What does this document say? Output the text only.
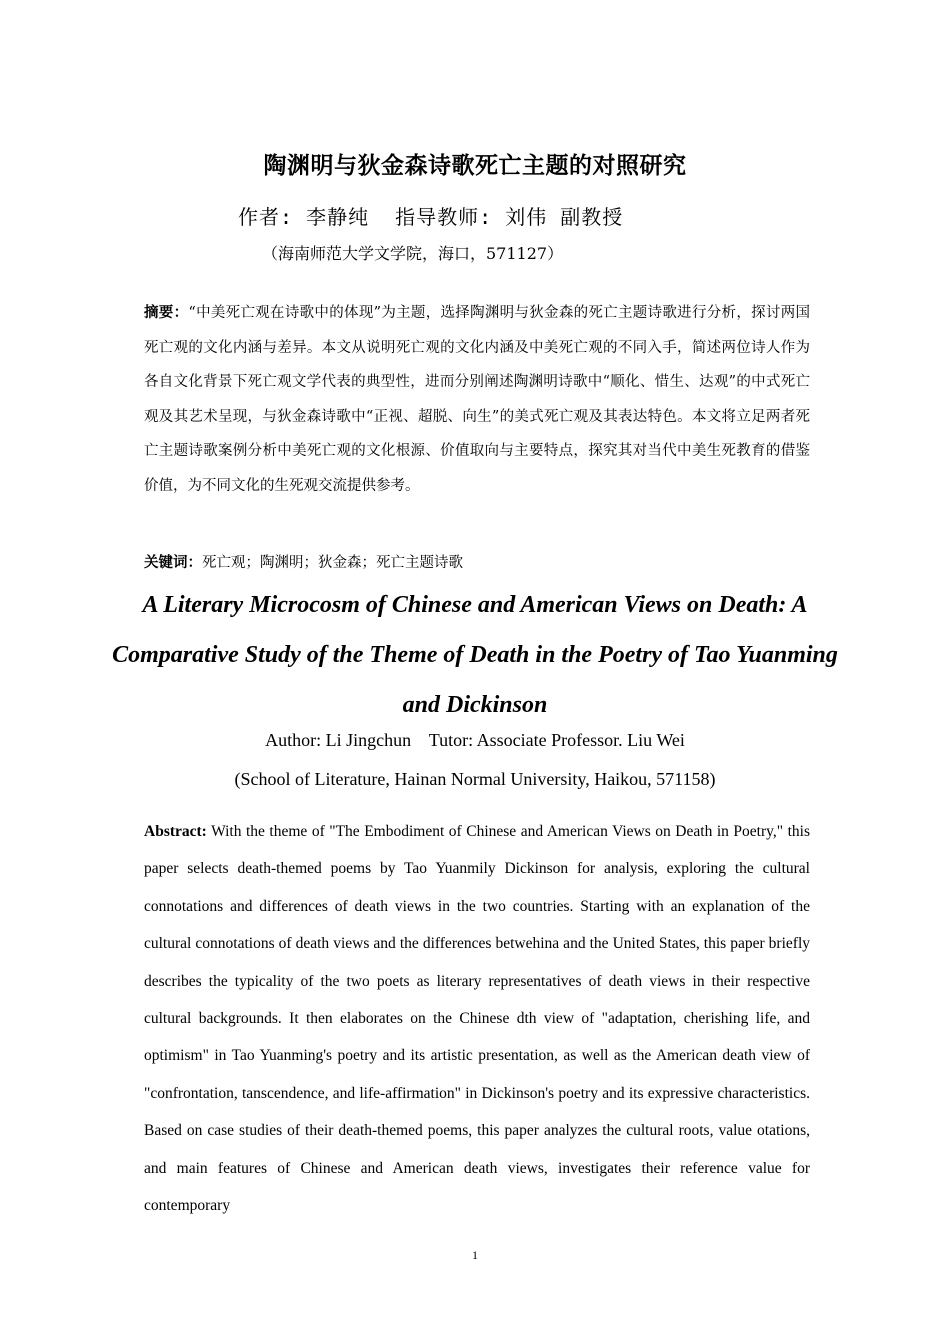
陶渊明与狄金森诗歌死亡主题的对照研究
作者: 李静纯  指导教师: 刘伟 副教授
（海南师范大学文学院，海口，571127）
摘要：“中美死亡观在诗歌中的体现”为主题，选择陶渊明与狄金森的死亡主题诗歌进行分析，探讨两国死亡观的文化内涵与差异。本文从说明死亡观的文化内涵及中美死亡观的不同入手，简述两位诗人作为各自文化背景下死亡观文学代表的典型性，进而分别阐述陶渊明诗歌中“顺化、惜生、达观”的中式死亡观及其艺术呈现，与狄金森诗歌中“正视、超脱、向生”的美式死亡观及其表达特色。本文将立足两者死亡主题诗歌案例分析中美死亡观的文化根源、价值取向与主要特点，探究其对当代中美生死教育的借鉴价值，为不同文化的生死观交流提供参考。
关键词：死亡观；陶渊明；狄金森；死亡主题诗歌
A Literary Microcosm of Chinese and American Views on Death: A Comparative Study of the Theme of Death in the Poetry of Tao Yuanming and Dickinson
Author: Li Jingchun    Tutor: Associate Professor. Liu Wei
(School of Literature, Hainan Normal University, Haikou, 571158)
Abstract: With the theme of "The Embodiment of Chinese and American Views on Death in Poetry," this paper selects death-themed poems by Tao Yuanmily Dickinson for analysis, exploring the cultural connotations and differences of death views in the two countries. Starting with an explanation of the cultural connotations of death views and the differences betwehina and the United States, this paper briefly describes the typicality of the two poets as literary representatives of death views in their respective cultural backgrounds. It then elaborates on the Chinese dth view of "adaptation, cherishing life, and optimism" in Tao Yuanming's poetry and its artistic presentation, as well as the American death view of "confrontation, tanscendence, and life-affirmation" in Dickinson's poetry and its expressive characteristics. Based on case studies of their death-themed poems, this paper analyzes the cultural roots, value otations, and main features of Chinese and American death views, investigates their reference value for contemporary
1
